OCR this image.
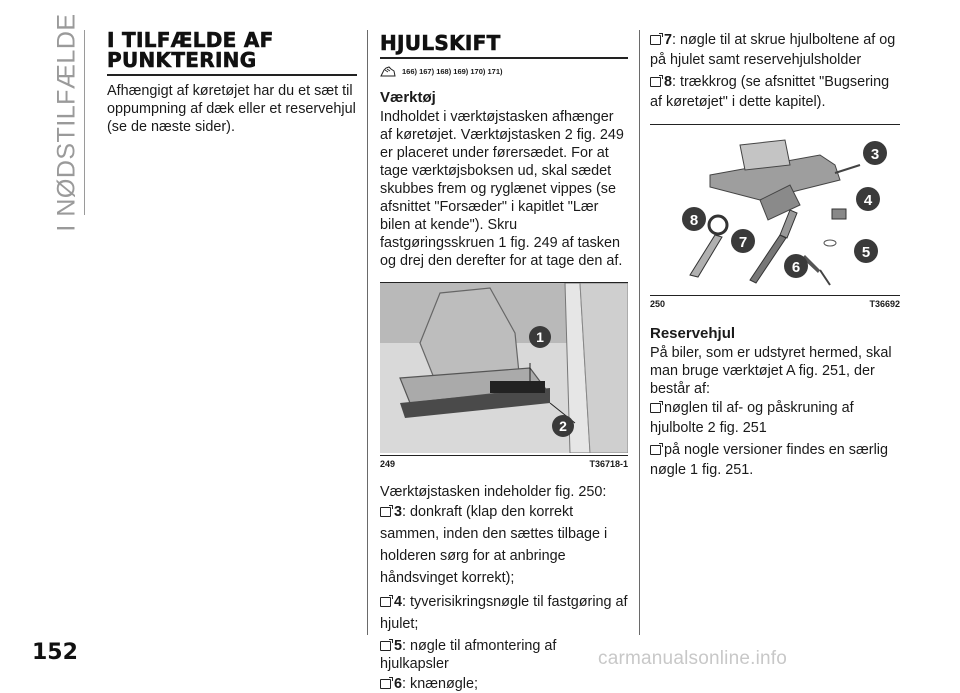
I NØDSTILFÆLDE
152
I TILFÆLDE AF
PUNKTERING

Afhængigt af køretøjet har du et sæt til oppumpning af dæk eller et reservehjul (se de næste sider).

HJULSKIFT
166) 167) 168) 169) 170) 171)
Værktøj

Indholdet i værktøjstasken afhænger af køretøjet. Værktøjstasken 2 fig. 249 er placeret under førersædet. For at tage værktøjsboksen ud, skal sædet skubbes frem og ryglænet vippes (se afsnittet "Forsæder" i kapitlet "Lær bilen at kende"). Skru fastgøringsskruen 1 fig. 249 af tasken og drej den derefter for at tage den af.

1
2
249	T36718-1

Værktøjstasken indeholder fig. 250:

3: donkraft (klap den korrekt sammen, inden den sættes tilbage i holderen sørg for at anbringe håndsvinget korrekt);
4: tyverisikringsnøgle til fastgøring af hjulet;
5: nøgle til afmontering af hjulkapsler
6: knænøgle;
7: nøgle til at skrue hjulboltene af og på hjulet samt reservehjulsholder
8: trækkrog (se afsnittet "Bugsering af køretøjet" i dette kapitel).
3
4
5
6
7
8
250	T36692
Reservehjul

På biler, som er udstyret hermed, skal man bruge værktøjet A fig. 251, der består af:

nøglen til af- og påskruning af hjulbolte 2 fig. 251
på nogle versioner findes en særlig nøgle 1 fig. 251.
carmanualsonline.info
